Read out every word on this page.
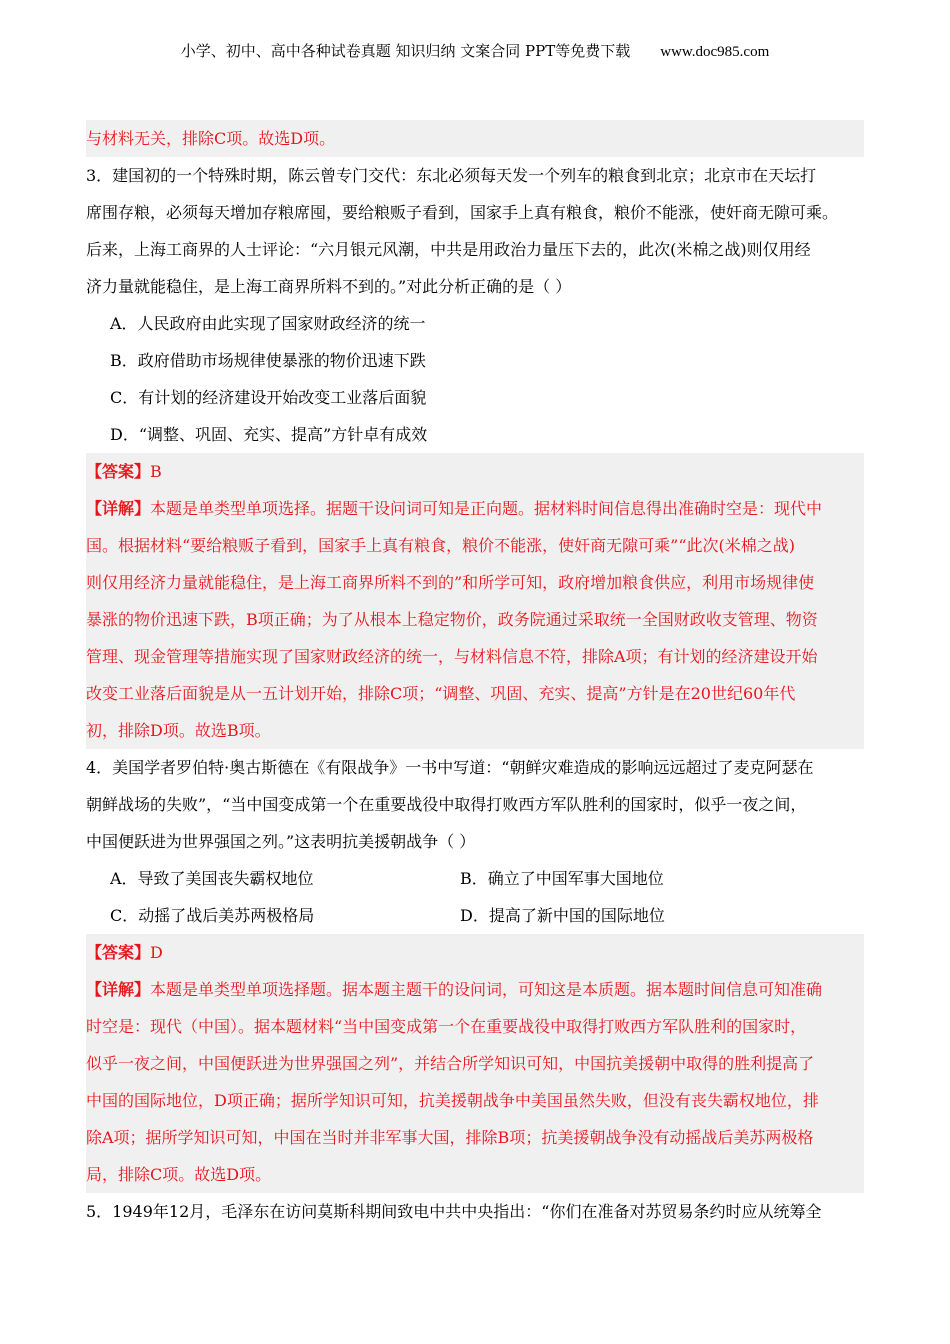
小学、初中、高中各种试卷真题 知识归纳 文案合同 PPT等免费下载 www.doc985.com
与材料无关，排除C项。故选D项。
3．建国初的一个特殊时期，陈云曾专门交代：东北必须每天发一个列车的粮食到北京；北京市在天坛打
席围存粮，必须每天增加存粮席囤，要给粮贩子看到，国家手上真有粮食，粮价不能涨，使奸商无隙可乘。
后来，上海工商界的人士评论：“六月银元风潮，中共是用政治力量压下去的，此次(米棉之战)则仅用经
济力量就能稳住，是上海工商界所料不到的。”对此分析正确的是（ ）
A．人民政府由此实现了国家财政经济的统一
B．政府借助市场规律使暴涨的物价迅速下跌
C．有计划的经济建设开始改变工业落后面貌
D．“调整、巩固、充实、提高”方针卓有成效
【答案】B
【详解】本题是单类型单项选择。据题干设问词可知是正向题。据材料时间信息得出准确时空是：现代中
国。根据材料“要给粮贩子看到，国家手上真有粮食，粮价不能涨，使奸商无隙可乘”“此次(米棉之战)
则仅用经济力量就能稳住，是上海工商界所料不到的”和所学可知，政府增加粮食供应，利用市场规律使
暴涨的物价迅速下跌，B项正确；为了从根本上稳定物价，政务院通过采取统一全国财政收支管理、物资
管理、现金管理等措施实现了国家财政经济的统一，与材料信息不符，排除A项；有计划的经济建设开始
改变工业落后面貌是从一五计划开始，排除C项；“调整、巩固、充实、提高”方针是在20世纪60年代
初，排除D项。故选B项。
4．美国学者罗伯特·奥古斯德在《有限战争》一书中写道：“朝鲜灾难造成的影响远远超过了麦克阿瑟在
朝鲜战场的失败”，“当中国变成第一个在重要战役中取得打败西方军队胜利的国家时，似乎一夜之间，
中国便跃进为世界强国之列。”这表明抗美援朝战争（ ）
A．导致了美国丧失霸权地位	B．确立了中国军事大国地位
C．动摇了战后美苏两极格局	D．提高了新中国的国际地位
【答案】D
【详解】本题是单类型单项选择题。据本题主题干的设问词，可知这是本质题。据本题时间信息可知准确
时空是：现代（中国）。据本题材料“当中国变成第一个在重要战役中取得打败西方军队胜利的国家时，
似乎一夜之间，中国便跃进为世界强国之列”，并结合所学知识可知，中国抗美援朝中取得的胜利提高了
中国的国际地位，D项正确；据所学知识可知，抗美援朝战争中美国虽然失败，但没有丧失霸权地位，排
除A项；据所学知识可知，中国在当时并非军事大国，排除B项；抗美援朝战争没有动摇战后美苏两极格
局，排除C项。故选D项。
5．1949年12月，毛泽东在访问莫斯科期间致电中共中央指出：“你们在准备对苏贸易条约时应从统筹全
